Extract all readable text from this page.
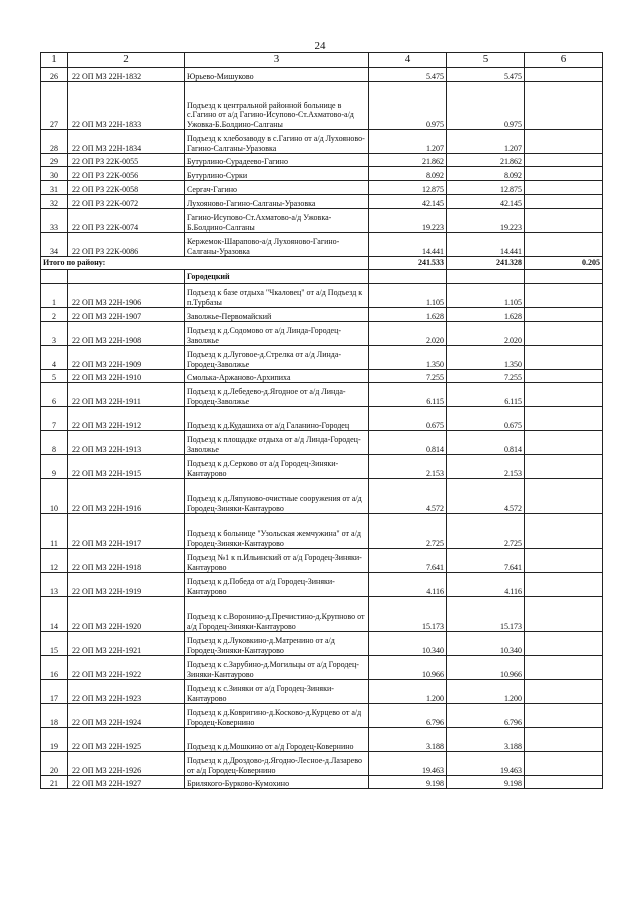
24
1	2	3	4	5	6
26	22 ОП МЗ 22Н-1832	Юрьево-Мишуково	5.475	5.475	
27	22 ОП МЗ 22Н-1833	Подъезд к центральной районной больнице в с.Гагино от а/д Гагино-Исупово-Ст.Ахматово-а/д Ужовка-Б.Болдино-Салганы	0.975	0.975	
28	22 ОП МЗ 22Н-1834	Подъезд к хлебозаводу в с.Гагино от а/д Лухояново-Гагино-Салганы-Уразовка	1.207	1.207	
29	22 ОП РЗ 22К-0055	Бутурлино-Сурадеево-Гагино	21.862	21.862	
30	22 ОП РЗ 22К-0056	Бутурлино-Сурки	8.092	8.092	
31	22 ОП РЗ 22К-0058	Сергач-Гагино	12.875	12.875	
32	22 ОП РЗ 22К-0072	Лухояново-Гагино-Салганы-Уразовка	42.145	42.145	
33	22 ОП РЗ 22К-0074	Гагино-Исупово-Ст.Ахматово-а/д Ужовка-Б.Болдино-Салганы	19.223	19.223	
34	22 ОП РЗ 22К-0086	Кержемок-Шарапово-а/д Лухояново-Гагино-Салганы-Уразовка	14.441	14.441	
Итого по району:			241.533	241.328	0.205
		Городецкий			
1	22 ОП МЗ 22Н-1906	Подъезд к базе отдыха "Чкаловец" от а/д Подъезд к п.Турбазы	1.105	1.105	
2	22 ОП МЗ 22Н-1907	Заволжье-Первомайский	1.628	1.628	
3	22 ОП МЗ 22Н-1908	Подъезд к д.Содомово от а/д Линда-Городец-Заволжье	2.020	2.020	
4	22 ОП МЗ 22Н-1909	Подъезд к д.Луговое-д.Стрелка от а/д Линда-Городец-Заволжье	1.350	1.350	
5	22 ОП МЗ 22Н-1910	Смолька-Аржаново-Архипиха	7.255	7.255	
6	22 ОП МЗ 22Н-1911	Подъезд к д.Лебедево-д.Ягодное от а/д Линда-Городец-Заволжье	6.115	6.115	
7	22 ОП МЗ 22Н-1912	Подъезд к д.Кудашиха от а/д Галанино-Городец	0.675	0.675	
8	22 ОП МЗ 22Н-1913	Подъезд к площадке отдыха от а/д Линда-Городец-Заволжье	0.814	0.814	
9	22 ОП МЗ 22Н-1915	Подъезд к д.Серково от а/д Городец-Зиняки-Кантаурово	2.153	2.153	
10	22 ОП МЗ 22Н-1916	Подъезд к д.Ляпуново-очистные сооружения от а/д Городец-Зиняки-Кантаурово	4.572	4.572	
11	22 ОП МЗ 22Н-1917	Подъезд к больнице "Узольская жемчужина" от а/д Городец-Зиняки-Кантаурово	2.725	2.725	
12	22 ОП МЗ 22Н-1918	Подъезд №1 к п.Ильинский от а/д Городец-Зиняки-Кантаурово	7.641	7.641	
13	22 ОП МЗ 22Н-1919	Подъезд к д.Победа от а/д Городец-Зиняки-Кантаурово	4.116	4.116	
14	22 ОП МЗ 22Н-1920	Подъезд к с.Воронино-д.Пречистино-д.Крупново от а/д Городец-Зиняки-Кантаурово	15.173	15.173	
15	22 ОП МЗ 22Н-1921	Подъезд к д.Луковкино-д.Матренино от а/д Городец-Зиняки-Кантаурово	10.340	10.340	
16	22 ОП МЗ 22Н-1922	Подъезд к с.Зарубино-д.Могильцы от а/д Городец-Зиняки-Кантаурово	10.966	10.966	
17	22 ОП МЗ 22Н-1923	Подъезд к с.Зиняки от а/д Городец-Зиняки-Кантаурово	1.200	1.200	
18	22 ОП МЗ 22Н-1924	Подъезд к д.Ковригино-д.Косково-д.Курцево от а/д Городец-Ковернино	6.796	6.796	
19	22 ОП МЗ 22Н-1925	Подъезд к д.Мошкино от а/д Городец-Ковернино	3.188	3.188	
20	22 ОП МЗ 22Н-1926	Подъезд к д.Дроздово-д.Ягодно-Лесное-д.Лазарево от а/д Городец-Ковернино	19.463	19.463	
21	22 ОП МЗ 22Н-1927	Брилякого-Бурково-Кумохино	9.198	9.198	
